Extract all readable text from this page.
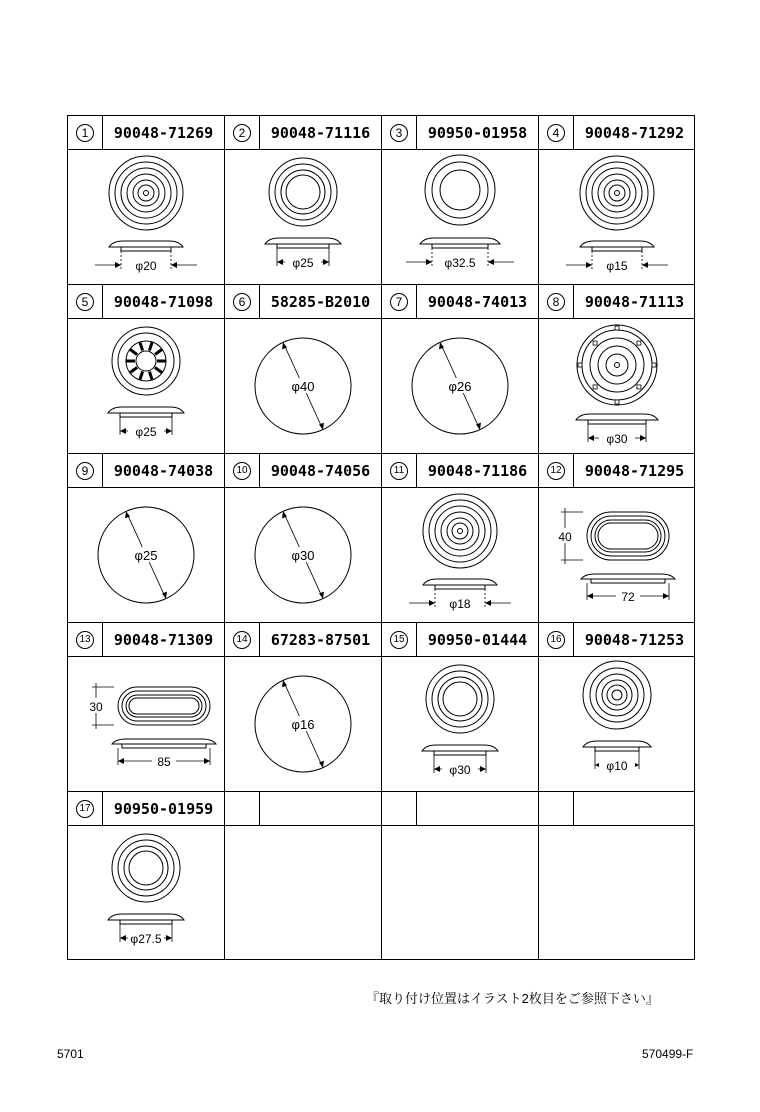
1	90048-71269
φ20
2	90048-71116
φ25
3	90950-01958
φ32.5
4	90048-71292
φ15
5	90048-71098
φ25
6	58285-B2010
φ40
7	90048-74013
φ26
8	90048-71113
φ30
9	90048-74038
φ25
10 90048-74056
φ30
11 90048-71186
φ18
12 90048-71295
40
72
13 90048-71309
30
85
14 67283-87501
φ16
15 90950-01444
φ30
16 90048-71253
φ10
17 90950-01959
φ27.5
『取り付け位置はイラスト2枚目をご参照下さい』
5701	570499-F
